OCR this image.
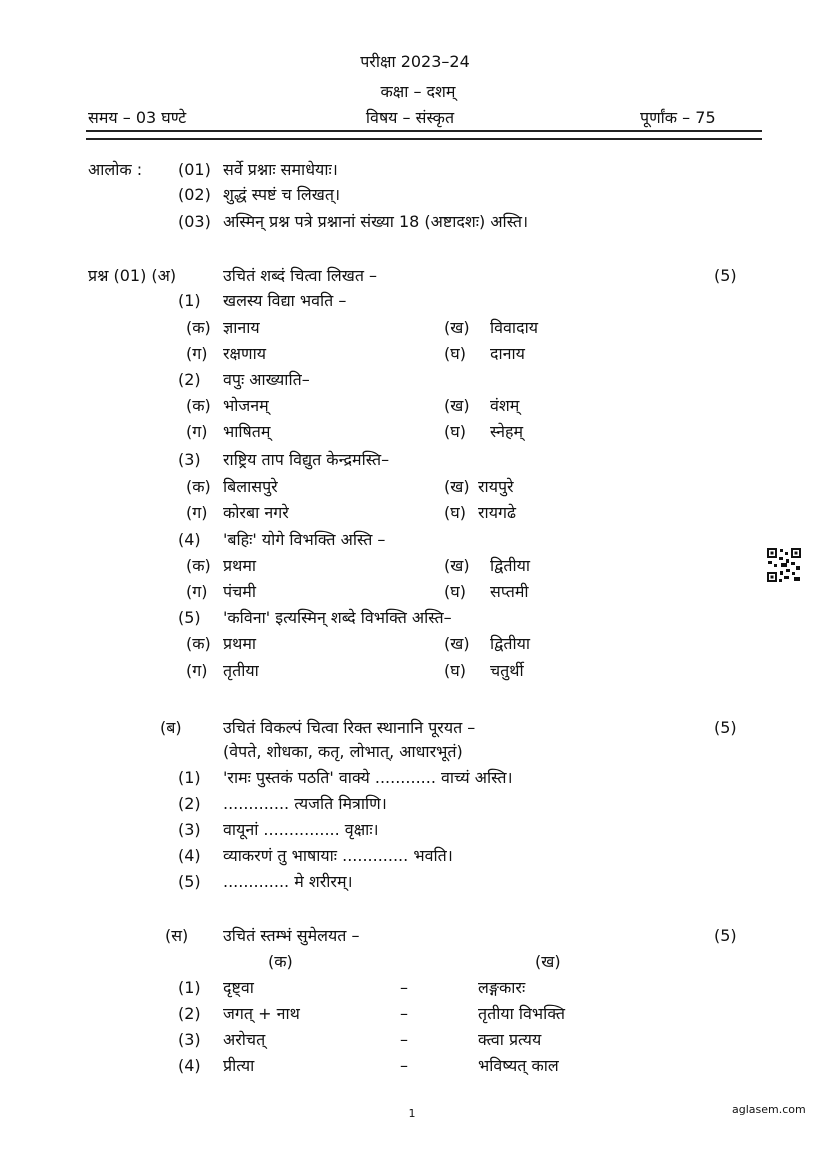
परीक्षा 2023–24
कक्षा – दशम्
समय – 03 घण्टे	विषय – संस्कृत	पूर्णांक – 75
आलोक : (01) सर्वे प्रश्नाः समाधेयाः।
(02) शुद्धं स्पष्टं च लिखत्।
(03) अस्मिन् प्रश्न पत्रे प्रश्नानां संख्या 18 (अष्टादशः) अस्ति।
प्रश्न (01) (अ)	उचितं शब्दं चित्वा लिखत –	(5)
(1) खलस्य विद्या भवति –
(क) ज्ञानाय	(ख) विवादाय
(ग) रक्षणाय	(घ) दानाय
(2) वपुः आख्याति–
(क) भोजनम्	(ख) वंशम्
(ग) भाषितम्	(घ) स्नेहम्
(3) राष्ट्रिय ताप विद्युत केन्द्रमस्ति–
(क) बिलासपुरे	(ख) रायपुरे
(ग) कोरबा नगरे	(घ) रायगढे
(4) 'बहिः' योगे विभक्ति अस्ति –
(क) प्रथमा	(ख) द्वितीया
(ग) पंचमी	(घ) सप्तमी
(5) 'कविना' इत्यस्मिन् शब्दे विभक्ति अस्ति–
(क) प्रथमा	(ख) द्वितीया
(ग) तृतीया	(घ) चतुर्थी
(ब)	उचितं विकल्पं चित्वा रिक्त स्थानानि पूरयत –	(5)
(वेपते, शोधका, कतृ, लोभात्, आधारभूतं)
(1) 'रामः पुस्तकं पठति' वाक्ये ............ वाच्यं अस्ति।
(2) ............. त्यजति मित्राणि।
(3) वायूनां ............... वृक्षाः।
(4) व्याकरणं तु भाषायाः ............. भवति।
(5) ............. मे शरीरम्।
(स) उचितं स्तम्भं सुमेलयत –	(5)
(क)	(ख)
(1) दृष्ट्वा	–	लङ्गकारः
(2) जगत् + नाथ	–	तृतीया विभक्ति
(3) अरोचत्	–	क्त्वा प्रत्यय
(4) प्रीत्या	–	भविष्यत् काल
1	aglasem.com
